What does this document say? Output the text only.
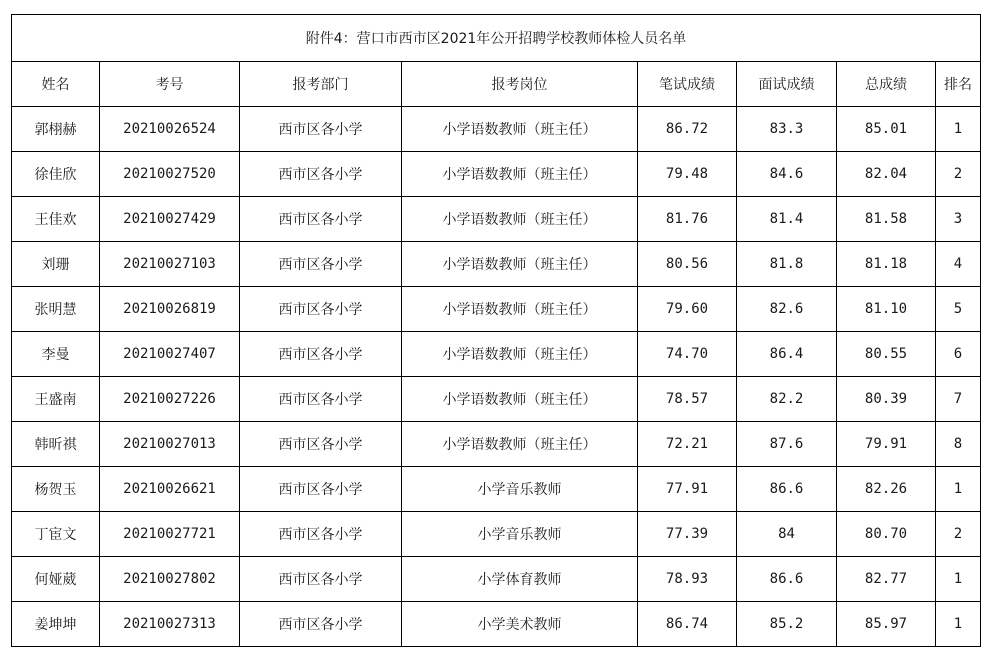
附件4：营口市西市区2021年公开招聘学校教师体检人员名单							
姓名	考号	报考部门	报考岗位	笔试成绩	面试成绩	总成绩	排名
郭栩赫	20210026524	西市区各小学	小学语数教师（班主任）	86.72	83.3	85.01	1
徐佳欣	20210027520	西市区各小学	小学语数教师（班主任）	79.48	84.6	82.04	2
王佳欢	20210027429	西市区各小学	小学语数教师（班主任）	81.76	81.4	81.58	3
刘珊	20210027103	西市区各小学	小学语数教师（班主任）	80.56	81.8	81.18	4
张明慧	20210026819	西市区各小学	小学语数教师（班主任）	79.60	82.6	81.10	5
李曼	20210027407	西市区各小学	小学语数教师（班主任）	74.70	86.4	80.55	6
王盛南	20210027226	西市区各小学	小学语数教师（班主任）	78.57	82.2	80.39	7
韩昕祺	20210027013	西市区各小学	小学语数教师（班主任）	72.21	87.6	79.91	8
杨贺玉	20210026621	西市区各小学	小学音乐教师	77.91	86.6	82.26	1
丁宦文	20210027721	西市区各小学	小学音乐教师	77.39	84	80.70	2
何娅葳	20210027802	西市区各小学	小学体育教师	78.93	86.6	82.77	1
姜坤坤	20210027313	西市区各小学	小学美术教师	86.74	85.2	85.97	1
